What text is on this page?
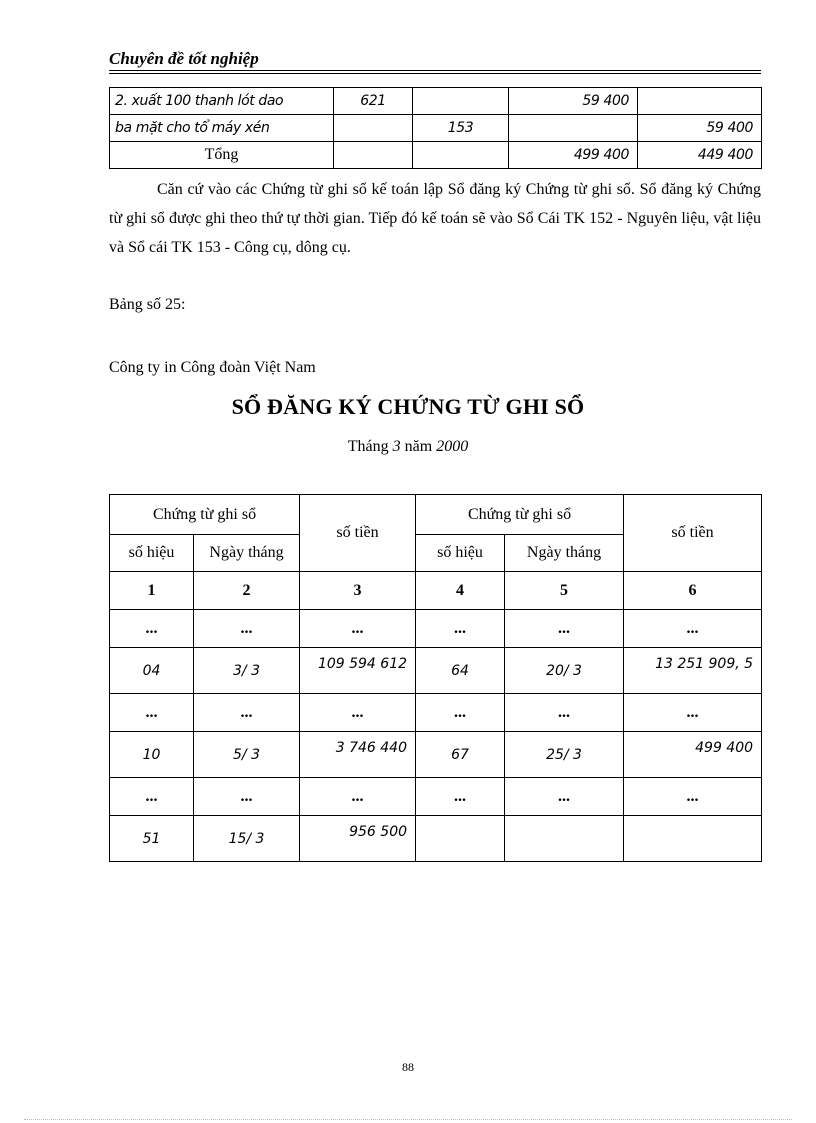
Chuyên đề tốt nghiệp
2. xuất 100 thanh lót dao	621		59 400	
ba mặt cho tổ máy xén		153		59 400
Tổng			499 400	449 400
Căn cứ vào các Chứng từ ghi sổ kế toán lập Sổ đăng ký Chứng từ ghi sổ. Sổ đăng ký Chứng từ ghi sổ được ghi theo thứ tự thời gian. Tiếp đó kế toán sẽ vào Sổ Cái TK 152 - Nguyên liệu, vật liệu và Sổ cái TK 153 - Công cụ, dông cụ.
Bảng số 25:
Công ty in Công đoàn Việt Nam
SỔ ĐĂNG KÝ CHỨNG TỪ GHI SỔ
Tháng 3 năm 2000
Chứng từ ghi sổ		số tiền	Chứng từ ghi sổ		số tiền
số hiệu	Ngày tháng		số hiệu	Ngày tháng	
1	2	3	4	5	6
...	...	...	...	...	...
04	3/ 3	109 594 612	64	20/ 3	13 251 909, 5
...	...	...	...	...	...
10	5/ 3	3 746 440	67	25/ 3	499 400
...	...	...	...	...	...
51	15/ 3	956 500			
88
